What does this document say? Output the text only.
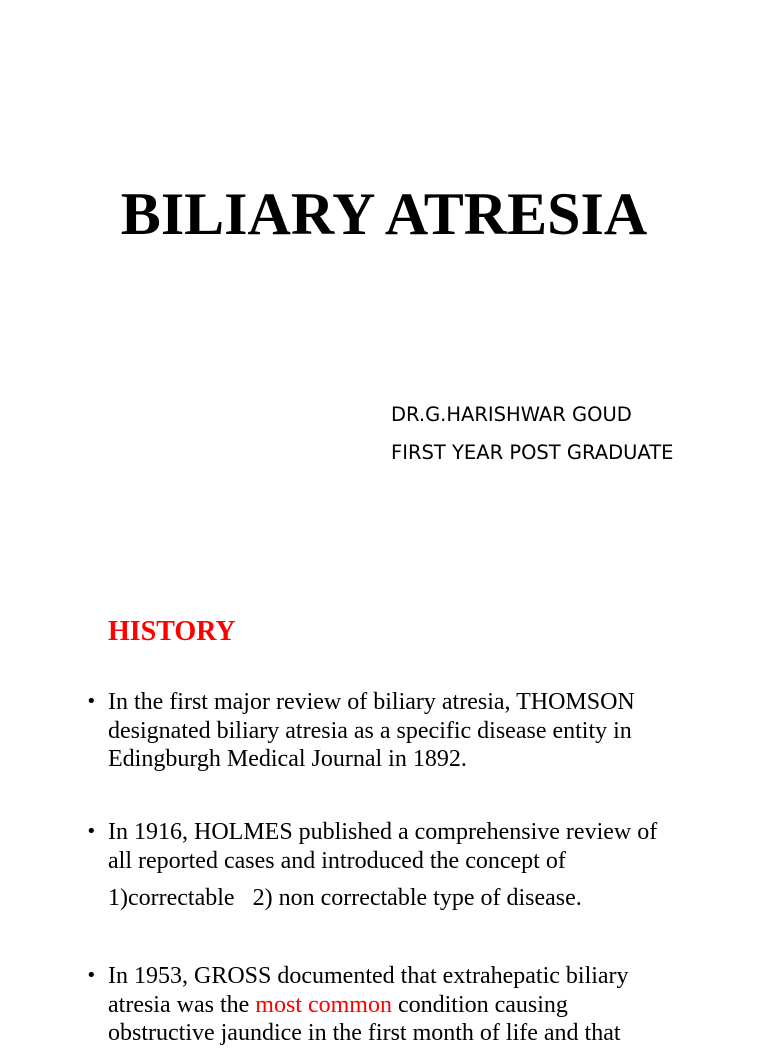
BILIARY ATRESIA
DR.G.HARISHWAR GOUD
FIRST YEAR POST GRADUATE
HISTORY
• In the first major review of biliary atresia, THOMSON
designated biliary atresia as a specific disease entity in
Edingburgh Medical Journal in 1892.
• In 1916, HOLMES published a comprehensive review of
all reported cases and introduced the concept of
1)correctable   2) non correctable type of disease.
• In 1953, GROSS documented that extrahepatic biliary
atresia was the most common condition causing
obstructive jaundice in the first month of life and that
